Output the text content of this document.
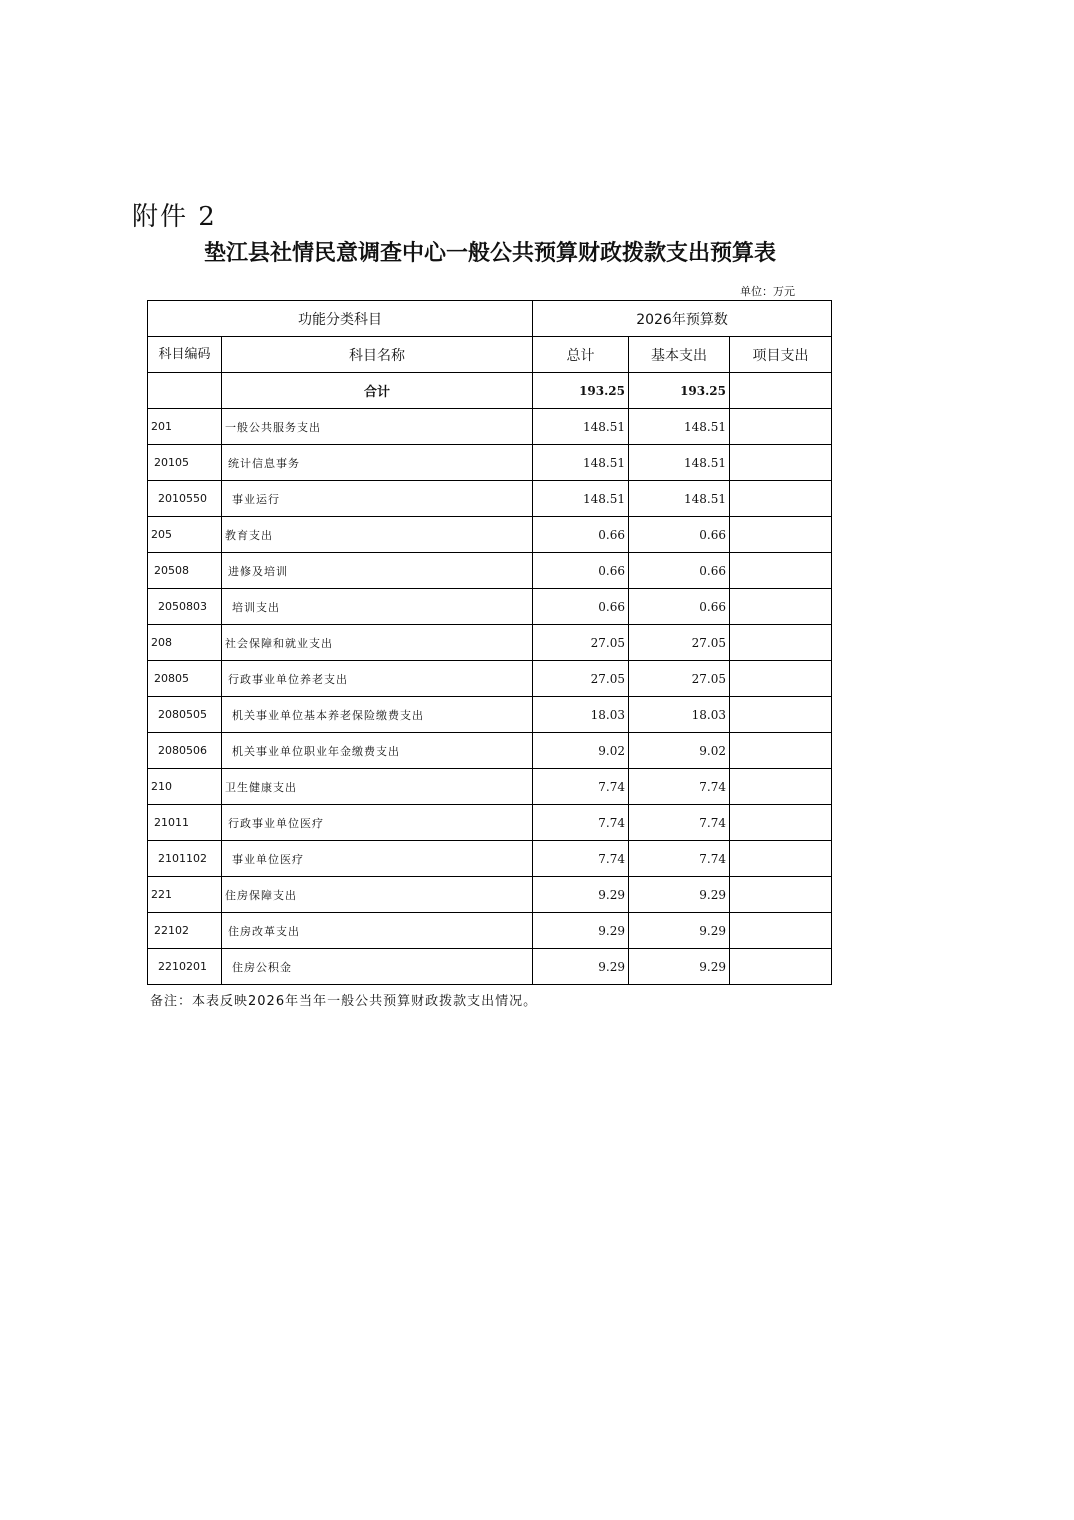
附件 2
垫江县社情民意调查中心一般公共预算财政拨款支出预算表
单位：万元
功能分类科目		2026年预算数		
科目编码	科目名称	总计	基本支出	项目支出
	合计	193.25	193.25	
201	一般公共服务支出	148.51	148.51	
20105	统计信息事务	148.51	148.51	
2010550	事业运行	148.51	148.51	
205	教育支出	0.66	0.66	
20508	进修及培训	0.66	0.66	
2050803	培训支出	0.66	0.66	
208	社会保障和就业支出	27.05	27.05	
20805	行政事业单位养老支出	27.05	27.05	
2080505	机关事业单位基本养老保险缴费支出	18.03	18.03	
2080506	机关事业单位职业年金缴费支出	9.02	9.02	
210	卫生健康支出	7.74	7.74	
21011	行政事业单位医疗	7.74	7.74	
2101102	事业单位医疗	7.74	7.74	
221	住房保障支出	9.29	9.29	
22102	住房改革支出	9.29	9.29	
2210201	住房公积金	9.29	9.29	
备注：本表反映2026年当年一般公共预算财政拨款支出情况。
